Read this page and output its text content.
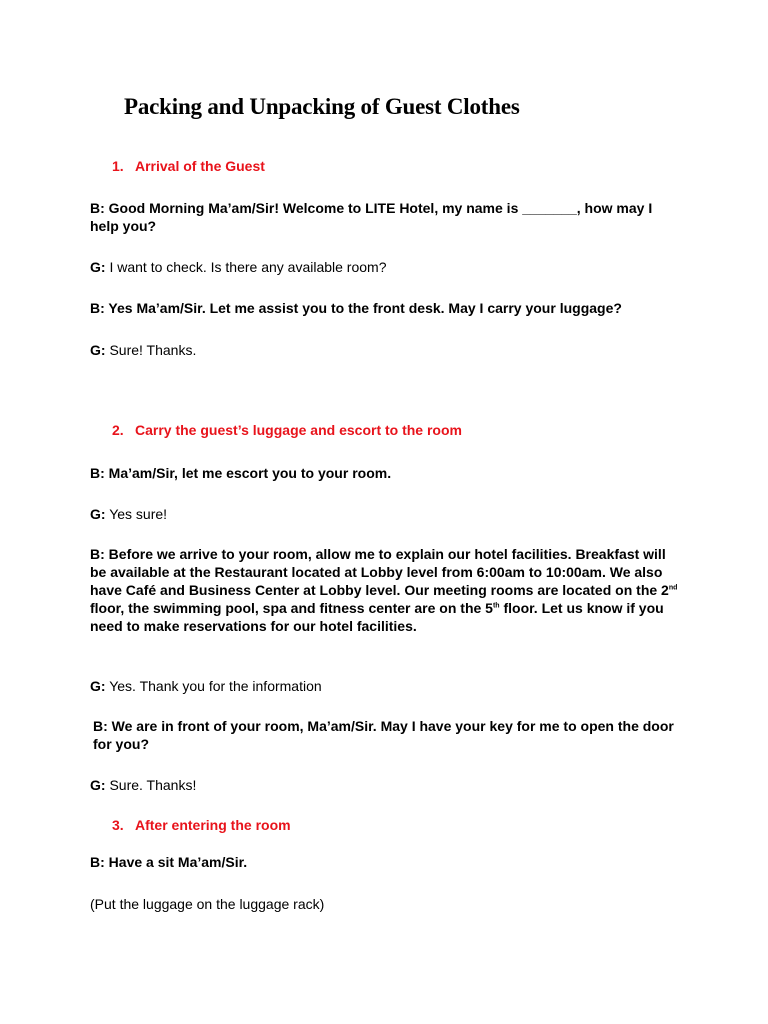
Packing and Unpacking of Guest Clothes

1. Arrival of the Guest

B: Good Morning Ma’am/Sir! Welcome to LITE Hotel, my name is _______, how may I help you?

G: I want to check. Is there any available room?

B: Yes Ma’am/Sir. Let me assist you to the front desk. May I carry your luggage?

G: Sure! Thanks.

2. Carry the guest’s luggage and escort to the room

B: Ma’am/Sir, let me escort you to your room.

G: Yes sure!

B: Before we arrive to your room, allow me to explain our hotel facilities. Breakfast will be available at the Restaurant located at Lobby level from 6:00am to 10:00am. We also have Café and Business Center at Lobby level. Our meeting rooms are located on the 2nd floor, the swimming pool, spa and fitness center are on the 5th floor. Let us know if you need to make reservations for our hotel facilities.

G: Yes. Thank you for the information

B: We are in front of your room, Ma’am/Sir. May I have your key for me to open the door for you?

G: Sure. Thanks!

3. After entering the room

B: Have a sit Ma’am/Sir.

(Put the luggage on the luggage rack)
